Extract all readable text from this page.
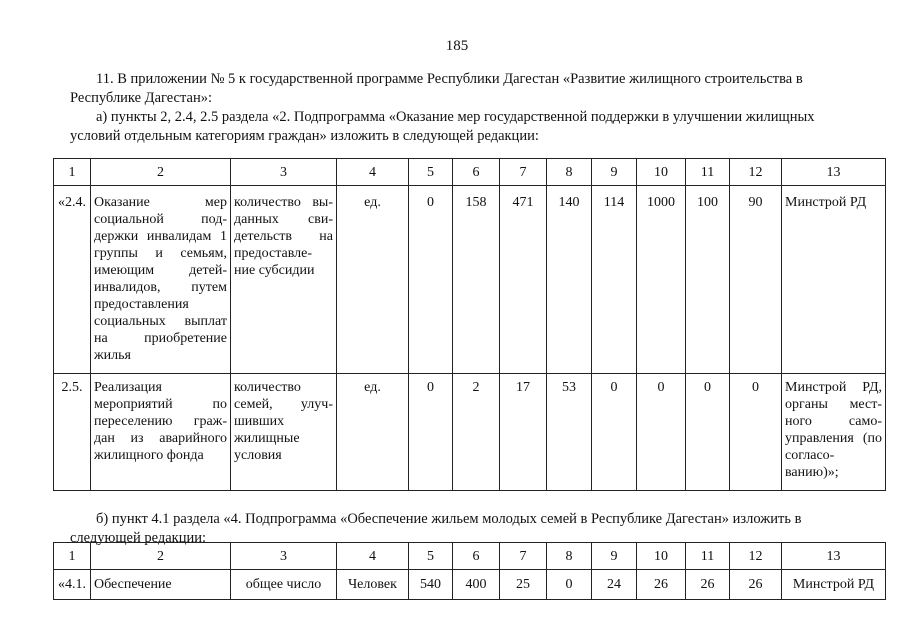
185
11. В приложении № 5 к государственной программе Республики Дагестан «Развитие жилищного строительства в
Республике Дагестан»:
а) пункты 2, 2.4, 2.5 раздела «2. Подпрограмма «Оказание мер государственной поддержки в улучшении жилищных
условий отдельным категориям граждан» изложить в следующей редакции:
1	2	3	4	5	6	7	8	9	10	11	12	13
«2.4.	Оказание мер социальной под-держки инвалидам 1 группы и семьям, имеющим детей-инвалидов, путем предоставления социальных выплат на приобретение жилья	количество вы-данных сви-детельств на предоставле-ние субсидии	ед.	0	158	471	140	114	1000	100	90	Минстрой РД
2.5.	Реализация мероприятий по переселению граж-дан из аварийного жилищного фонда	количество семей, улуч-шивших жилищные условия	ед.	0	2	17	53	0	0	0	0	Минстрой РД, органы мест-ного само-управления (по согласо-ванию)»;
б) пункт 4.1 раздела «4. Подпрограмма «Обеспечение жильем молодых семей в Республике Дагестан» изложить в
следующей редакции:
1	2	3	4	5	6	7	8	9	10	11	12	13
«4.1.	Обеспечение	общее число	Человек	540	400	25	0	24	26	26	26	Минстрой РД
